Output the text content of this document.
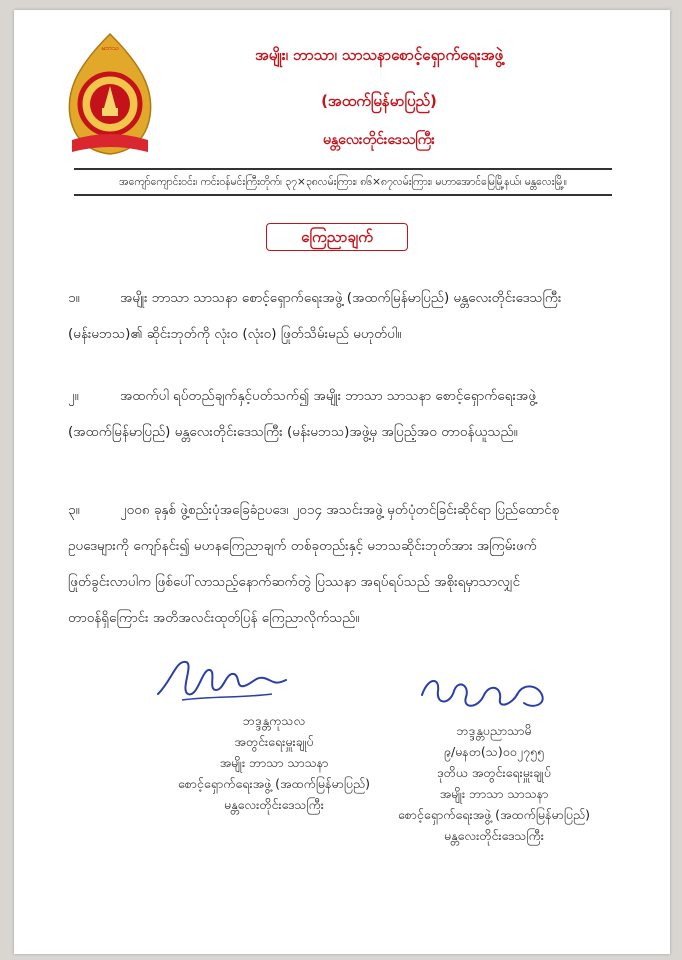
မဘသ	အမျိုး၊ ဘာသာ၊ သာသနာစောင့်ရှောက်ရေးအဖွဲ့
(အထက်မြန်မာပြည်)
မန္တလေးတိုင်းဒေသကြီး
အကျော်ကျောင်းဝင်း၊ ကင်းဝန်မင်းကြီးတိုက်၊ ၃၇×၃၈လမ်းကြား၊ ၈၆×၈၇လမ်းကြား၊ မဟာအောင်မြေမြို့နယ်၊ မန္တလေးမြို့။
ကြေညာချက်
၁။	အမျိုး ဘာသာ သာသနာ စောင့်ရှောက်ရေးအဖွဲ့ (အထက်မြန်မာပြည်) မန္တလေးတိုင်းဒေသကြီး
(မန်းမဘသ)၏ ဆိုင်းဘုတ်ကို လုံး၀ (လုံး၀) ဖြုတ်သိမ်းမည် မဟုတ်ပါ။
၂။	အထက်ပါ ရပ်တည်ချက်နှင့်ပတ်သက်၍ အမျိုး ဘာသာ သာသနာ စောင့်ရှောက်ရေးအဖွဲ့
(အထက်မြန်မာပြည်) မန္တလေးတိုင်းဒေသကြီး (မန်းမဘသ)အဖွဲ့မှ အပြည့်အ၀ တာဝန်ယူသည်။
၃။	၂၀၀၈ ခုနှစ် ဖွဲ့စည်းပုံအခြေခံဥပဒေ၊ ၂၀၁၄ အသင်းအဖွဲ့ မှတ်ပုံတင်ခြင်းဆိုင်ရာ ပြည်ထောင်စု
ဥပဒေများကို ကျော်နင်း၍ မဟနကြေညာချက် တစ်ခုတည်းနှင့် မဘသဆိုင်းဘုတ်အား အကြမ်းဖက်
ဖြုတ်ခွင်းလာပါက ဖြစ်ပေါ်လာသည့်နောက်ဆက်တွဲ ပြဿနာ အရပ်ရပ်သည် အစိုးရမှာသာလျှင်
တာ၀န်ရှိကြောင်း အတိအလင်းထုတ်ပြန် ကြေညာလိုက်သည်။
ဘဒ္ဒန္တကုသလ
အတွင်းရေးမှူးချုပ်
အမျိုး ဘာသာ သာသနာ
စောင့်ရှောက်ရေးအဖွဲ့ (အထက်မြန်မာပြည်)
မန္တလေးတိုင်းဒေသကြီး
ဘဒ္ဒန္တပညာသာမိ
၉/မနတ(သ)၀၀၂၇၅၅
ဒုတိယ အတွင်းရေးမှူးချုပ်
အမျိုး ဘာသာ သာသနာ
စောင့်ရှောက်ရေးအဖွဲ့ (အထက်မြန်မာပြည်)
မန္တလေးတိုင်းဒေသကြီး
